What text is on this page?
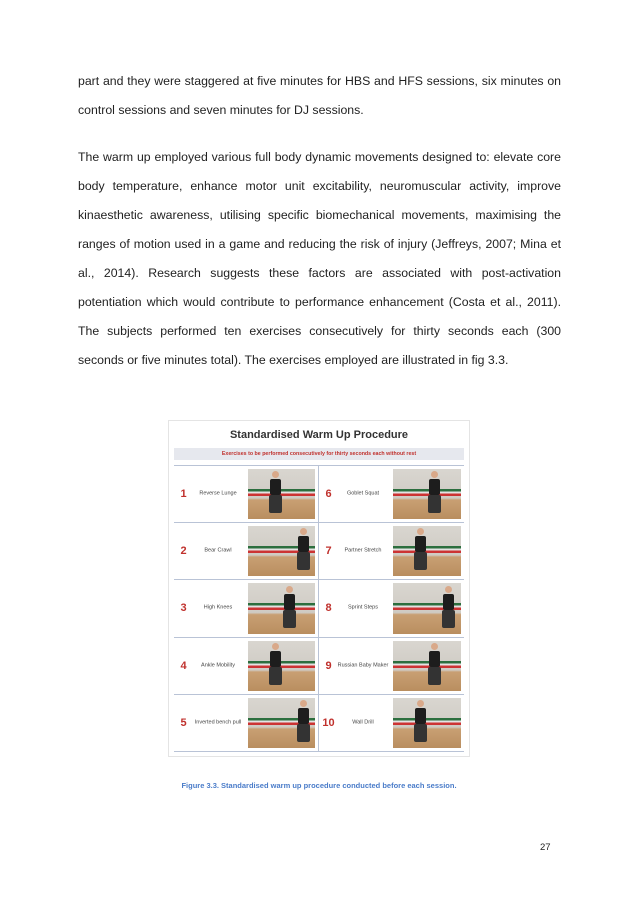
part and they were staggered at five minutes for HBS and HFS sessions, six minutes on control sessions and seven minutes for DJ sessions.

The warm up employed various full body dynamic movements designed to: elevate core body temperature, enhance motor unit excitability, neuromuscular activity, improve kinaesthetic awareness, utilising specific biomechanical movements, maximising the ranges of motion used in a game and reducing the risk of injury (Jeffreys, 2007; Mina et al., 2014). Research suggests these factors are associated with post-activation potentiation which would contribute to performance enhancement (Costa et al., 2011). The subjects performed ten exercises consecutively for thirty seconds each (300 seconds or five minutes total). The exercises employed are illustrated in fig 3.3.

Standardised Warm Up Procedure
Exercises to be performed consecutively for thirty seconds each without rest
1	Reverse Lunge	6	Goblet Squat
2	Bear Crawl	7	Partner Stretch
3	High Knees	8	Sprint Steps
4	Ankle Mobility	9	Russian Baby Maker
5	Inverted bench pull	10	Wall Drill
Figure 3.3. Standardised warm up procedure conducted before each session.
27
